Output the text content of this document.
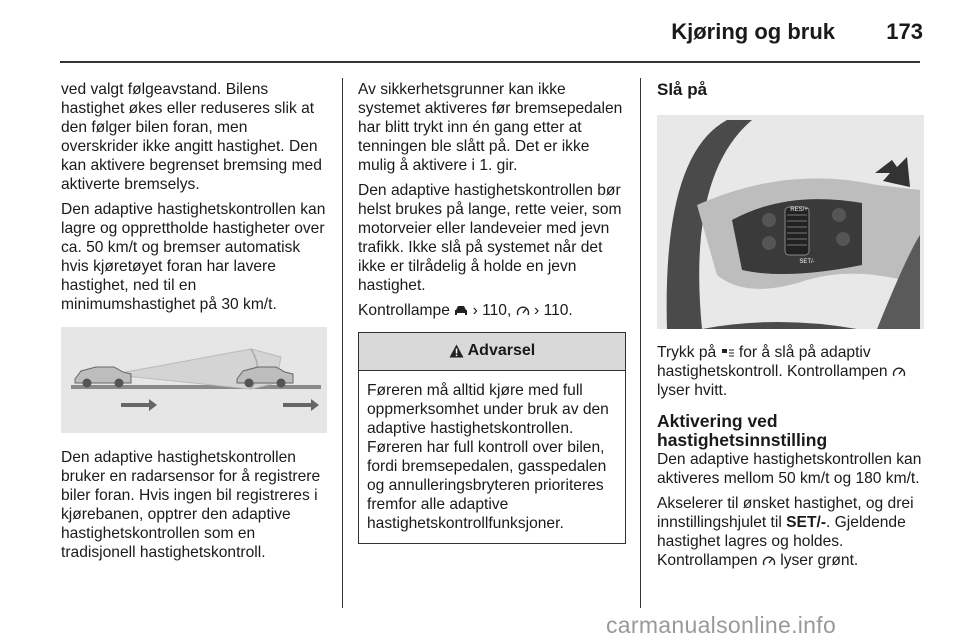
Kjøring og bruk 173

ved valgt følgeavstand. Bilens hastighet økes eller reduseres slik at den følger bilen foran, men overskrider ikke angitt hastighet. Den kan aktivere begrenset bremsing med aktiverte bremselys.

Den adaptive hastighetskontrollen kan lagre og opprettholde hastigheter over ca. 50 km/t og bremser automatisk hvis kjøretøyet foran har lavere hastighet, ned til en minimumshastighet på 30 km/t.

Den adaptive hastighetskontrollen bruker en radarsensor for å registrere biler foran. Hvis ingen bil registreres i kjørebanen, opptrer den adaptive hastighetskontrollen som en tradisjonell hastighetskontroll.

Av sikkerhetsgrunner kan ikke systemet aktiveres før bremsepedalen har blitt trykt inn én gang etter at tenningen ble slått på. Det er ikke mulig å aktivere i 1. gir.

Den adaptive hastighetskontrollen bør helst brukes på lange, rette veier, som motorveier eller landeveier med jevn trafikk. Ikke slå på systemet når det ikke er tilrådelig å holde en jevn hastighet.

Kontrollampe › 110, › 110.

Advarsel
Føreren må alltid kjøre med full oppmerksomhet under bruk av den adaptive hastighetskontrollen. Føreren har full kontroll over bilen, fordi bremsepedalen, gasspedalen og annulleringsbryteren prioriteres fremfor alle adaptive hastighetskontrollfunksjoner.
Slå på
RES/+
SET/-

Trykk på for å slå på adaptiv hastighetskontroll. Kontrollampen  lyser hvitt.

Aktivering ved hastighetsinnstilling

Den adaptive hastighetskontrollen kan aktiveres mellom 50 km/t og 180 km/t.

Akselerer til ønsket hastighet, og drei innstillingshjulet til SET/-. Gjeldende hastighet lagres og holdes. Kontrollampen lyser grønt.

carmanualsonline.info
